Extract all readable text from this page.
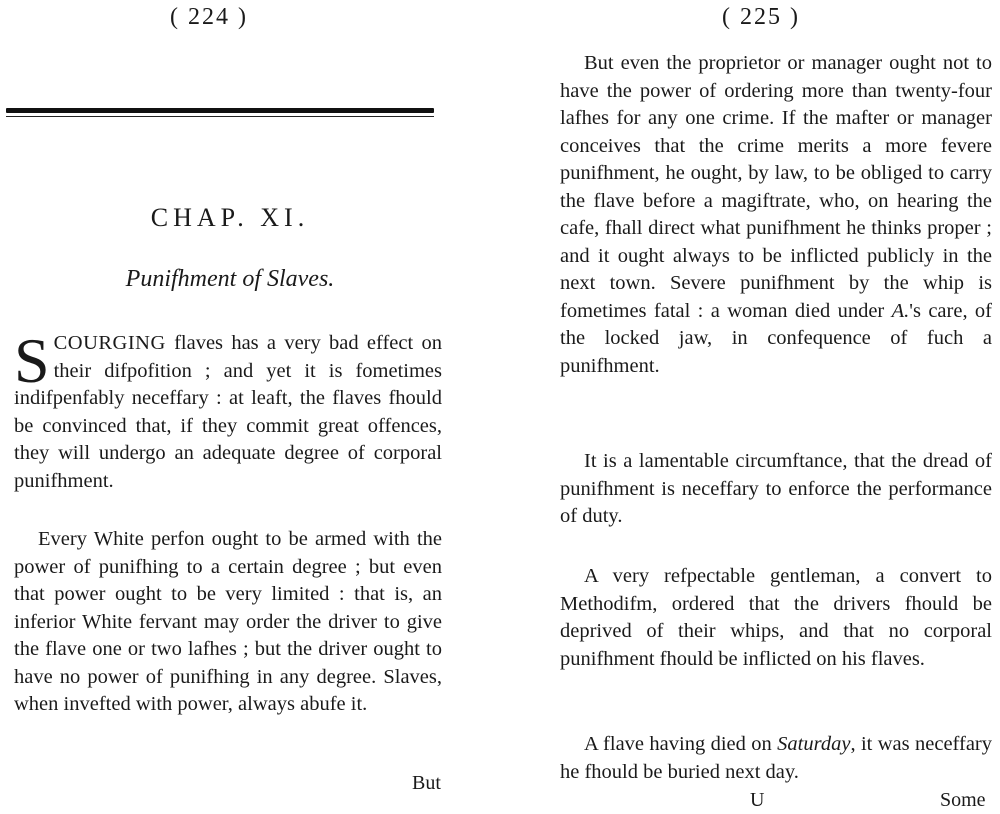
( 224 )
CHAP. XI.
Punifhment of Slaves.

SCOURGING flaves has a very bad effect on their difpofition ; and yet it is fometimes indifpenfably neceffary : at leaft, the flaves fhould be convinced that, if they commit great offences, they will undergo an adequate degree of corporal punifhment.

Every White perfon ought to be armed with the power of punifhing to a certain degree ; but even that power ought to be very limited : that is, an inferior White fervant may order the driver to give the flave one or two lafhes ; but the driver ought to have no power of punifhing in any degree. Slaves, when invefted with power, always abufe it.

But
( 225 )

But even the proprietor or manager ought not to have the power of ordering more than twenty-four lafhes for any one crime. If the mafter or manager conceives that the crime merits a more fevere punifhment, he ought, by law, to be obliged to carry the flave before a magiftrate, who, on hearing the cafe, fhall direct what punifhment he thinks proper ; and it ought always to be inflicted publicly in the next town. Severe punifhment by the whip is fometimes fatal : a woman died under A.'s care, of the locked jaw, in confequence of fuch a punifhment.

It is a lamentable circumftance, that the dread of punifhment is neceffary to enforce the performance of duty.

A very refpectable gentleman, a convert to Methodifm, ordered that the drivers fhould be deprived of their whips, and that no corporal punifhment fhould be inflicted on his flaves.

A flave having died on Saturday, it was neceffary he fhould be buried next day.

U	Some
